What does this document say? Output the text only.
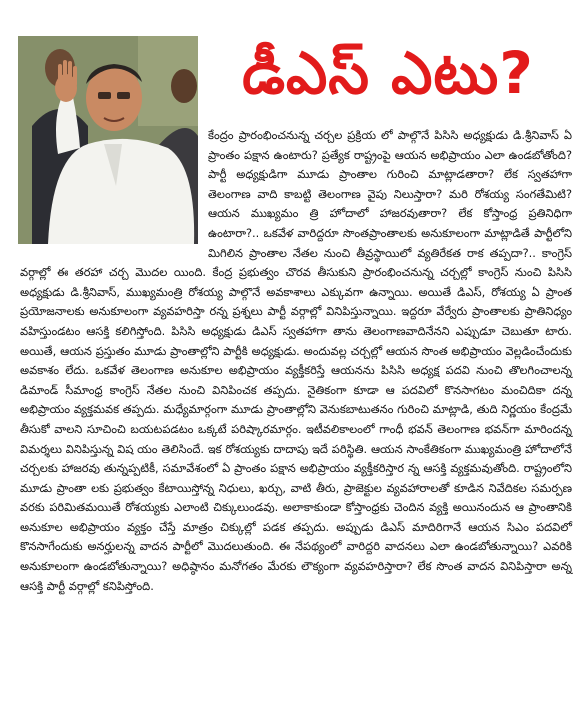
డీఎస్ ఎటు?

కేంద్రం ప్రారంభించనున్న చర్చల ప్రక్రియ లో పాల్గొనే పిసిసి అధ్యక్షుడు డి.శ్రీనివాస్ ఏ ప్రాంతం పక్షాన ఉంటారు? ప్రత్యేక రాష్ట్రంపై ఆయన అభిప్రాయం ఎలా ఉండబోతోంది? పార్టీ అధ్యక్షుడిగా మూడు ప్రాంతాల గురించి మాట్లాడతారా? లేక స్వతహాగా తెలంగాణ వాది కాబట్టి తెలంగాణ వైపు నిలుస్తారా? మరి రోశయ్య సంగతేమిటి? ఆయన ముఖ్యమం త్రి హోదాలో హాజరవుతారా? లేక కోస్తాంధ్ర ప్రతినిధిగా ఉంటారా?.. ఒకవేళ వారిద్దరూ సొంతప్రాంతాలకు అనుకూలంగా మాట్లాడితే పార్టీలోని మిగిలిన ప్రాంతాల నేతల నుంచి తీవ్రస్థాయిలో వ్యతిరేకత రాక తప్పదా?.. కాంగ్రెస్ వర్గాల్లో ఈ తరహా చర్చ మొదల యింది. కేంద్ర ప్రభుత్వం చొరవ తీసుకుని ప్రారంభించనున్న చర్చల్లో కాంగ్రెస్ నుంచి పిసిసి అధ్యక్షుడు డి.శ్రీనివాస్, ముఖ్యమంత్రి రోశయ్య పాల్గొనే అవకాశాలు ఎక్కువగా ఉన్నాయి. అయితే డిఎస్, రోశయ్య ఏ ప్రాంత ప్రయోజనాలకు అనుకూలంగా వ్యవహరిస్తా రన్న ప్రశ్నలు పార్టీ వర్గాల్లో వినిపిస్తున్నాయి. ఇద్దరూ వేర్వేరు ప్రాంతాలకు ప్రాతినిధ్యం వహిస్తుండటం ఆసక్తి కలిగిస్తోంది. పిసిసి అధ్యక్షుడు డిఎస్ స్వతహాగా తాను తెలంగాణవాదినేనని ఎప్పుడూ చెబుతూ టారు. అయితే, ఆయన ప్రస్తుతం మూడు ప్రాంతాల్లోని పార్టీకి అధ్యక్షుడు. అందువల్ల చర్చల్లో ఆయన సొంత అభిప్రాయం వెల్లడించేందుకు అవకాశం లేదు. ఒకవేళ తెలంగాణ అనుకూల అభిప్రాయం వ్యక్తీకరిస్తే ఆయనను పిసిసి అధ్యక్ష పదవి నుంచి తొలగించాలన్న డిమాండ్ సీమాంధ్ర కాంగ్రెస్ నేతల నుంచి వినిపించక తప్పదు. నైతికంగా కూడా ఆ పదవిలో కొనసాగటం మంచిదికా దన్న అభిప్రాయం వ్యక్తమవక తప్పదు. మధ్యేమార్గంగా మూడు ప్రాంతాల్లోని వెనుకబాటుతనం గురించి మాట్లాడి, తుది నిర్ణయం కేంద్రమే తీసుకో వాలని సూచించి బయటపడటం ఒక్కటే పరిష్కారమార్గం. ఇటీవలికాలంలో గాంధీ భవన్ తెలంగాణ భవన్‌గా మారిందన్న విమర్శలు వినిపిస్తున్న విష యం తెలిసిందే. ఇక రోశయ్యకు దాదాపు ఇదే పరిస్థితి. ఆయన సాంకేతికంగా ముఖ్యమంత్రి హోదాలోనే చర్చలకు హాజరవు తున్నప్పటికీ, సమావేశంలో ఏ ప్రాంతం పక్షాన అభిప్రాయం వ్యక్తీకరిస్తార న్న ఆసక్తి వ్యక్తమవుతోంది. రాష్ట్రంలోని మూడు ప్రాంతా లకు ప్రభుత్వం కేటాయిస్తోన్న నిధులు, ఖర్చు, వాటి తీరు, ప్రాజెక్టుల వ్యవహారాలతో కూడిన నివేదికల సమర్పణ వరకు పరిమితమయితే రోశయ్యకు ఎలాంటి చిక్కులుండవు. అలాకాకుండా కోస్తాంధ్రకు చెందిన వ్యక్తి అయినందున ఆ ప్రాంతానికి అనుకూల అభిప్రాయం వ్యక్తం చేస్తే మాత్రం చిక్కుల్లో పడక తప్పదు. అప్పుడు డిఎస్ మాదిరిగానే ఆయన సిఎం పదవిలో కొనసాగేందుకు అనర్హులన్న వాదన పార్టీలో మొదలుతుంది. ఈ నేపథ్యంలో వారిద్దరి వాదనలు ఎలా ఉండబోతున్నాయి? ఎవరికి అనుకూలంగా ఉండబోతున్నాయి? అధిష్ఠానం మనోగతం మేరకు లౌక్యంగా వ్యవహరిస్తారా? లేక సొంత వాదన వినిపిస్తారా అన్న ఆసక్తి పార్టీ వర్గాల్లో కనిపిస్తోంది.
